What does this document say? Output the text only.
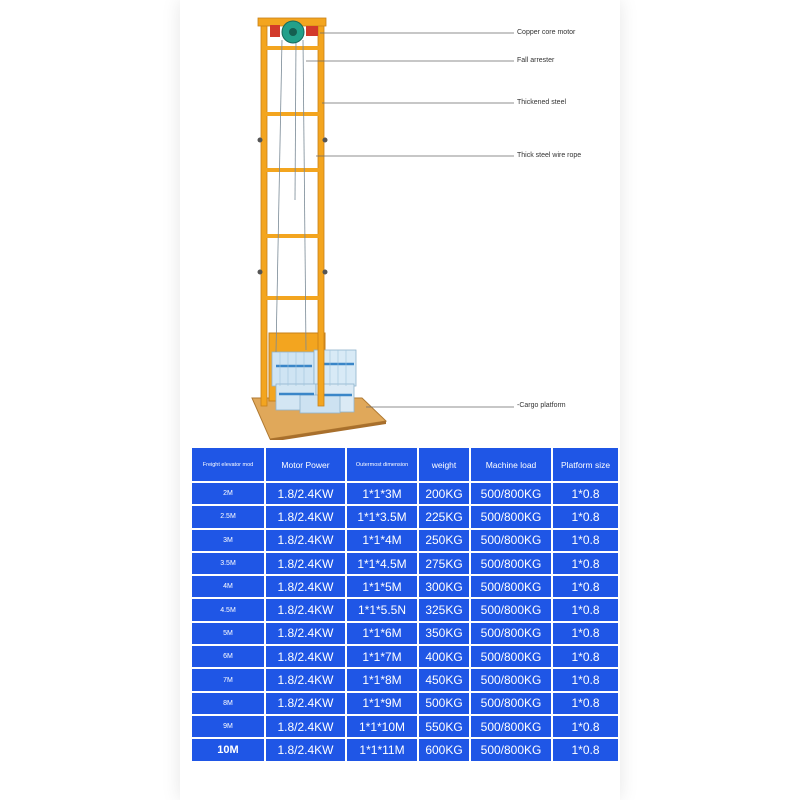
Copper core motor
Fall arrester
Thickened steel
Thick steel wire rope
-Cargo platform
Freight elevator mod	Motor Power	Outermost dimension	weight	Machine load	Platform size
2M	1.8/2.4KW	1*1*3M	200KG	500/800KG	1*0.8
2.5M	1.8/2.4KW	1*1*3.5M	225KG	500/800KG	1*0.8
3M	1.8/2.4KW	1*1*4M	250KG	500/800KG	1*0.8
3.5M	1.8/2.4KW	1*1*4.5M	275KG	500/800KG	1*0.8
4M	1.8/2.4KW	1*1*5M	300KG	500/800KG	1*0.8
4.5M	1.8/2.4KW	1*1*5.5N	325KG	500/800KG	1*0.8
5M	1.8/2.4KW	1*1*6M	350KG	500/800KG	1*0.8
6M	1.8/2.4KW	1*1*7M	400KG	500/800KG	1*0.8
7M	1.8/2.4KW	1*1*8M	450KG	500/800KG	1*0.8
8M	1.8/2.4KW	1*1*9M	500KG	500/800KG	1*0.8
9M	1.8/2.4KW	1*1*10M	550KG	500/800KG	1*0.8
10M	1.8/2.4KW	1*1*11M	600KG	500/800KG	1*0.8
